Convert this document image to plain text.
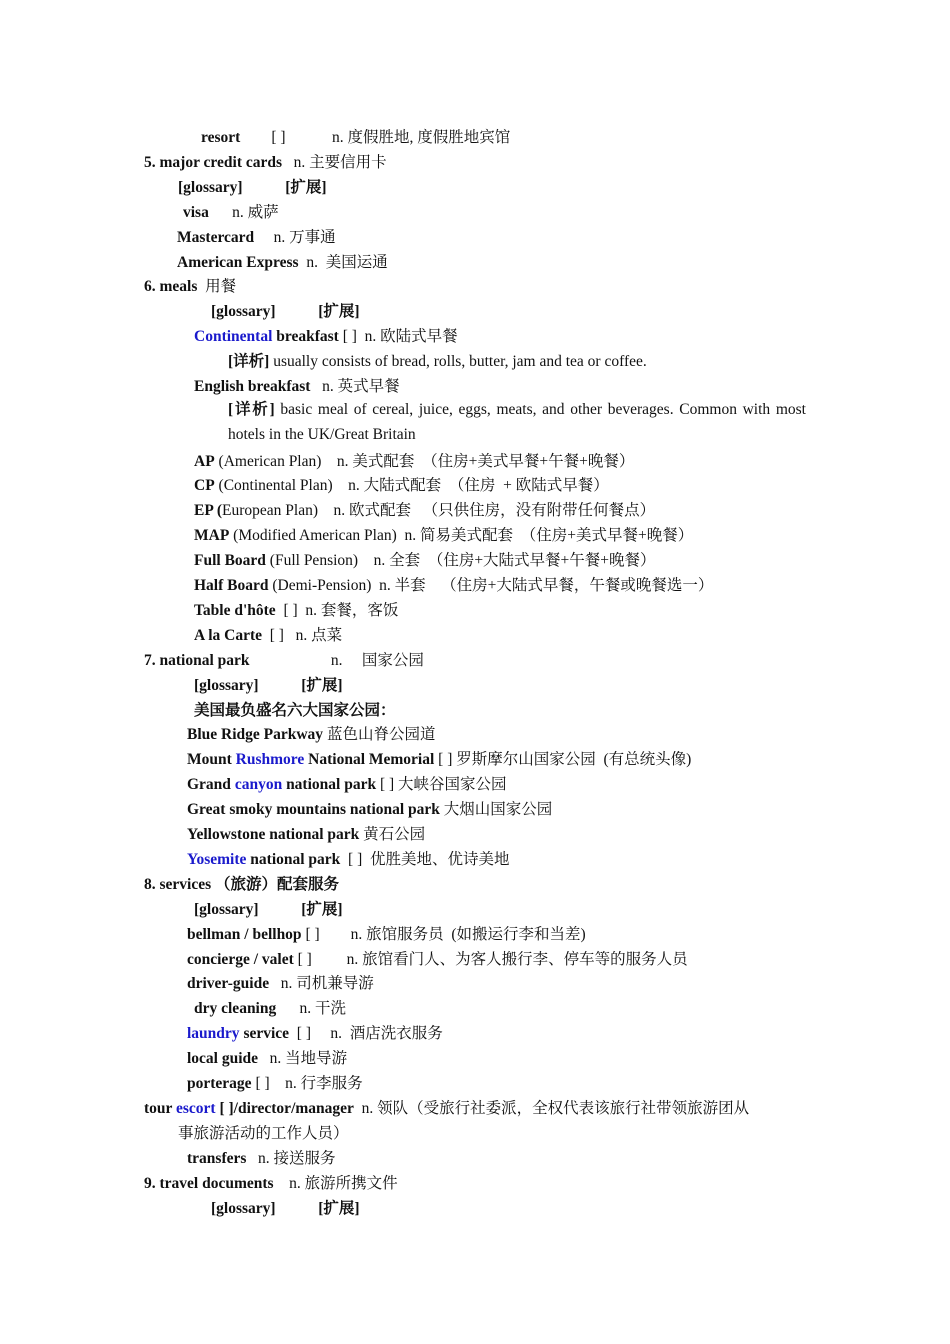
resort        [ ]            n. 度假胜地, 度假胜地宾馆
5. major credit cards   n. 主要信用卡
[glossary]           [扩展]
visa      n. 威萨
Mastercard     n. 万事通
American Express  n.  美国运通
6. meals  用餐
[glossary]           [扩展]
Continental breakfast [ ]  n. 欧陆式早餐
[详析] usually consists of bread, rolls, butter, jam and tea or coffee.
English breakfast   n. 英式早餐
AP (American Plan)    n. 美式配套  （住房+美式早餐+午餐+晚餐）
CP (Continental Plan)    n. 大陆式配套  （住房  + 欧陆式早餐）
EP (European Plan)    n. 欧式配套   （只供住房，没有附带任何餐点）
MAP (Modified American Plan)  n. 简易美式配套  （住房+美式早餐+晚餐）
Full Board (Full Pension)    n. 全套  （住房+大陆式早餐+午餐+晚餐）
Half Board (Demi-Pension)  n. 半套    （住房+大陆式早餐，午餐或晚餐选一）
Table d'hôte  [ ]  n. 套餐，客饭
A la Carte  [ ]   n. 点菜
7. national park                     n.     国家公园
[glossary]           [扩展]
美国最负盛名六大国家公园：
Blue Ridge Parkway 蓝色山脊公园道
Mount Rushmore National Memorial [ ] 罗斯摩尔山国家公园  (有总统头像)
Grand canyon national park [ ] 大峡谷国家公园
Great smoky mountains national park 大烟山国家公园
Yellowstone national park 黄石公园
Yosemite national park  [ ]  优胜美地、优诗美地
8. services （旅游）配套服务
[glossary]           [扩展]
bellman / bellhop [ ]        n. 旅馆服务员  (如搬运行李和当差)
concierge / valet [ ]         n. 旅馆看门人、为客人搬行李、停车等的服务人员
driver-guide   n. 司机兼导游
dry cleaning      n. 干洗
laundry service  [ ]     n.  酒店洗衣服务
local guide   n. 当地导游
porterage [ ]    n. 行李服务
transfers   n. 接送服务
9. travel documents    n. 旅游所携文件
[glossary]           [扩展]
[详析] basic meal of cereal, juice, eggs, meats, and other beverages. Common with most hotels in the UK/Great Britain
tour escort [ ]/director/manager  n. 领队（受旅行社委派，全权代表该旅行社带领旅游团从
事旅游活动的工作人员）
